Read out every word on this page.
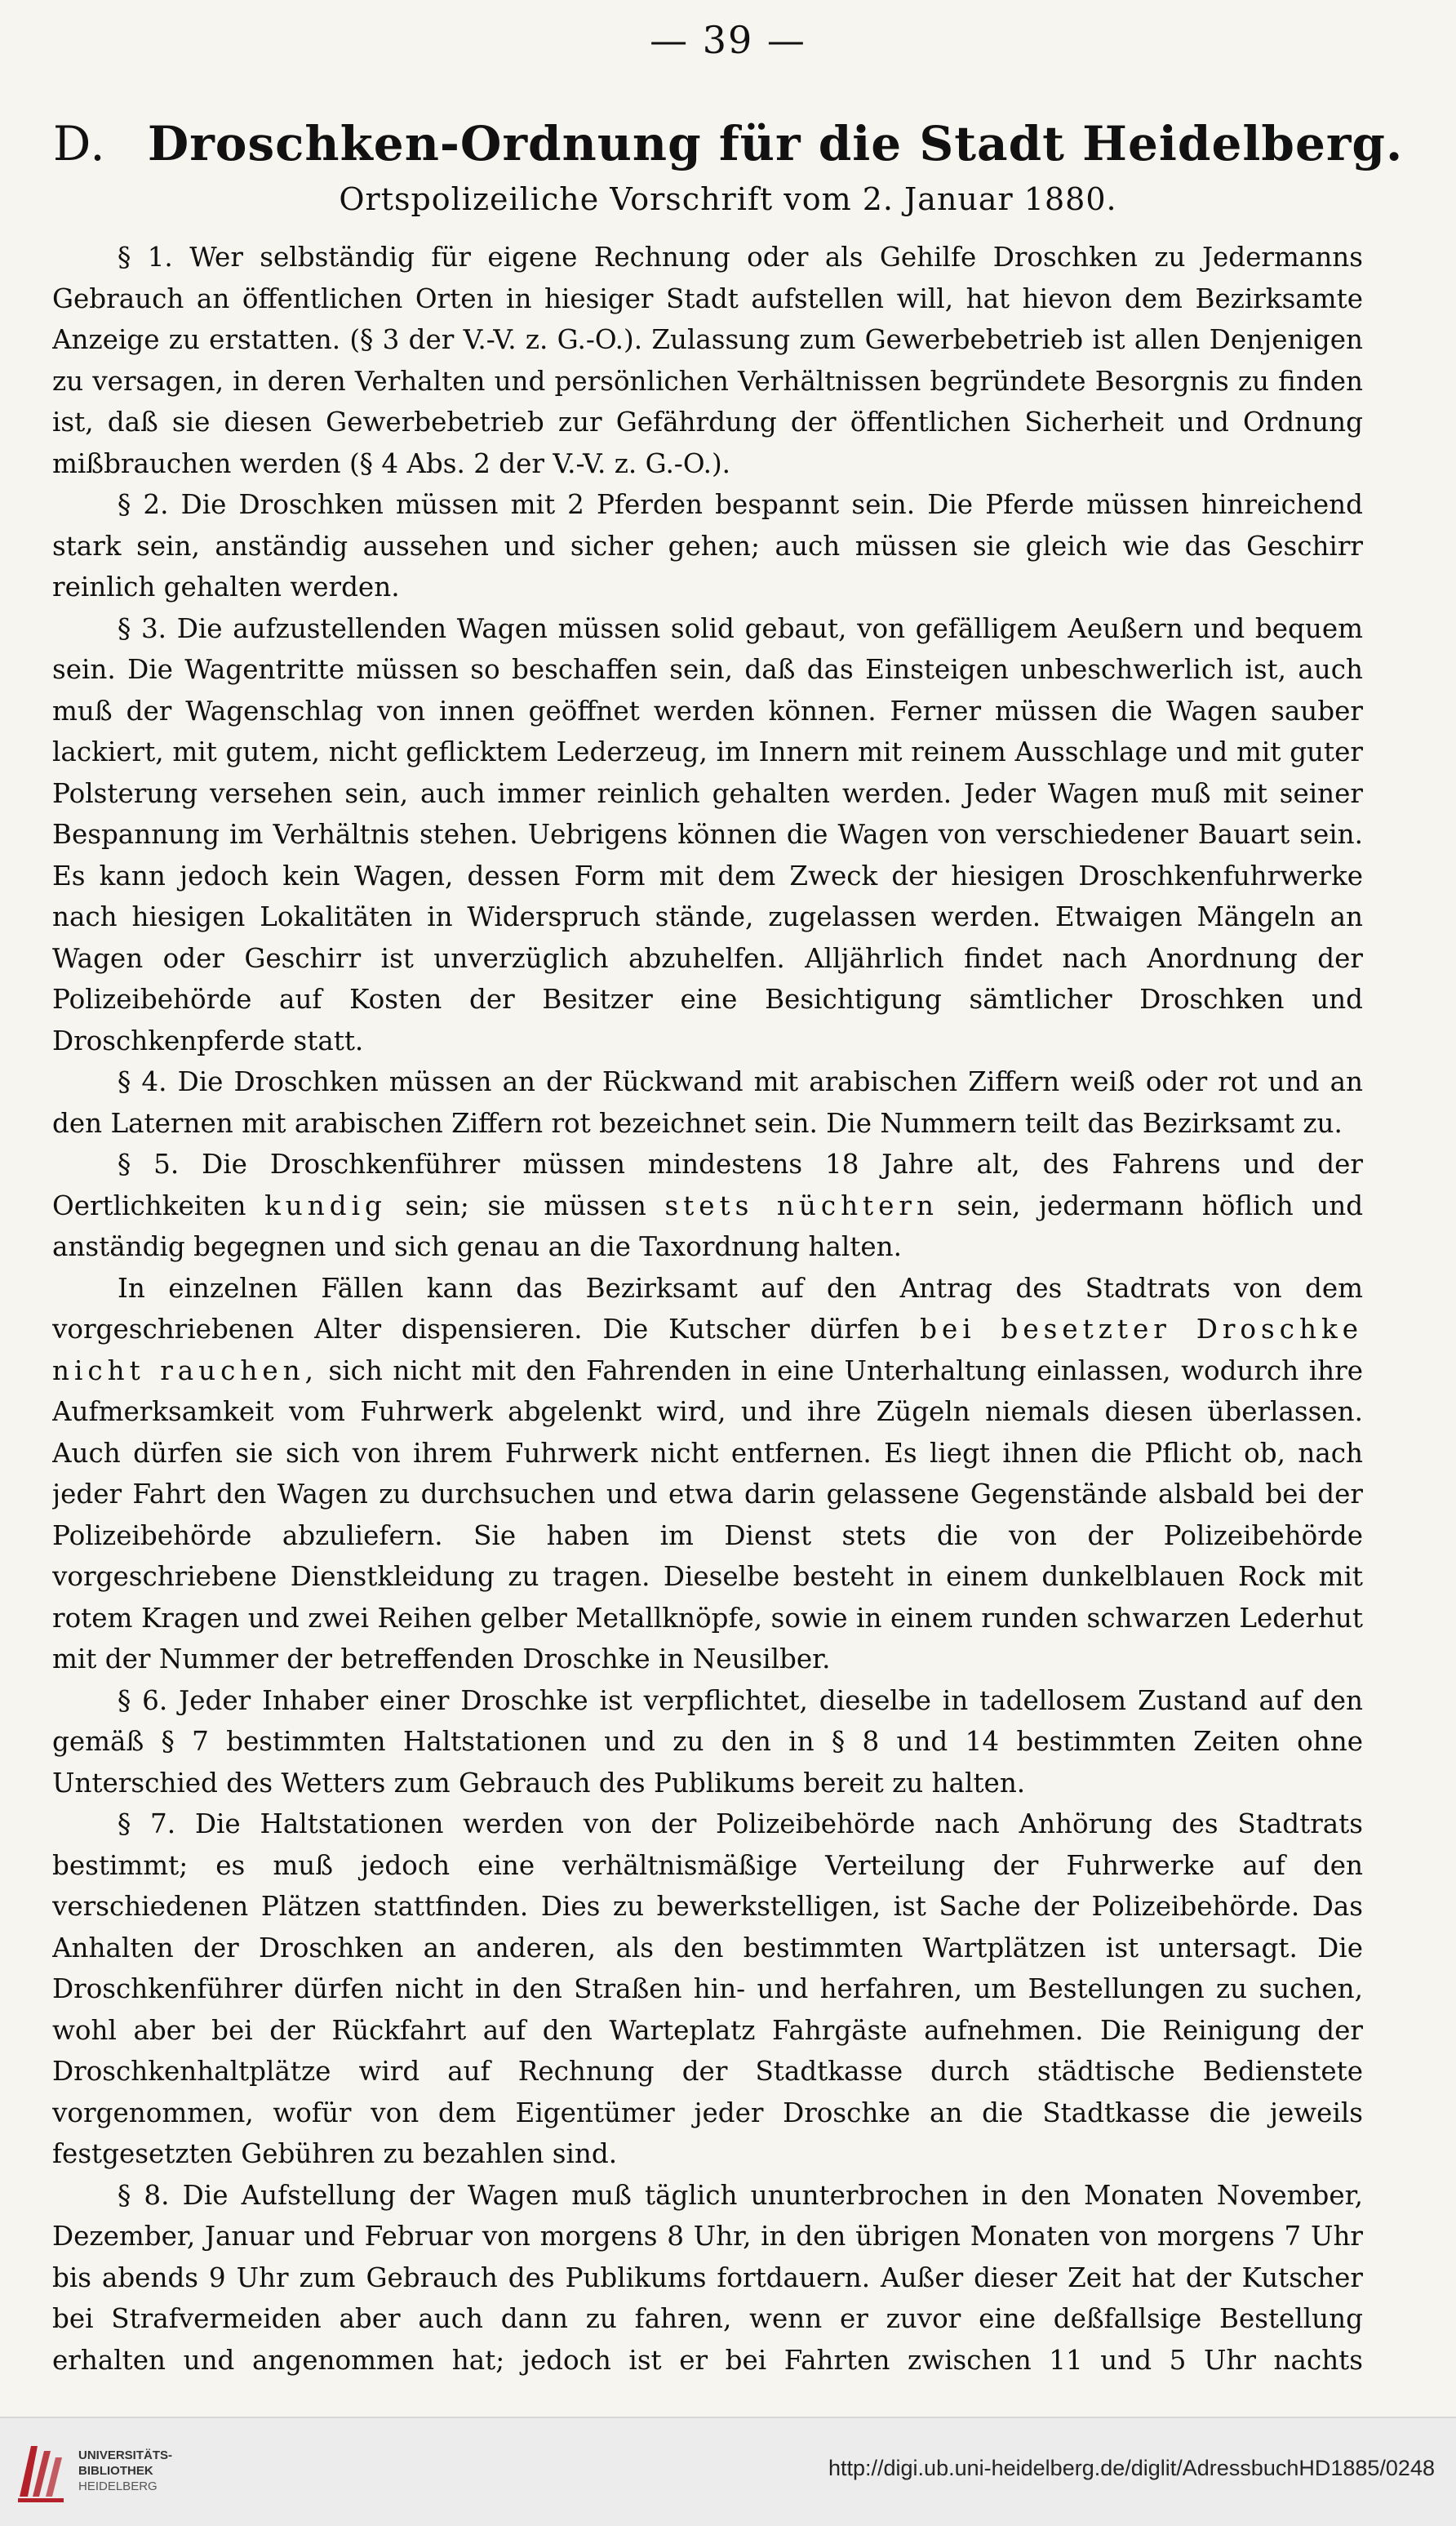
— 39 —
D. Droschken-Ordnung für die Stadt Heidelberg.
Ortspolizeiliche Vorschrift vom 2. Januar 1880.

§ 1. Wer selbständig für eigene Rechnung oder als Gehilfe Droschken zu Jedermanns Gebrauch an öffentlichen Orten in hiesiger Stadt aufstellen will, hat hievon dem Bezirksamte Anzeige zu erstatten. (§ 3 der V.-V. z. G.-O.). Zulassung zum Gewerbebetrieb ist allen Denjenigen zu versagen, in deren Verhalten und persönlichen Verhältnissen begründete Besorgnis zu finden ist, daß sie diesen Gewerbebetrieb zur Gefährdung der öffentlichen Sicherheit und Ordnung mißbrauchen werden (§ 4 Abs. 2 der V.-V. z. G.-O.).

§ 2. Die Droschken müssen mit 2 Pferden bespannt sein. Die Pferde müssen hinreichend stark sein, anständig aussehen und sicher gehen; auch müssen sie gleich wie das Geschirr reinlich gehalten werden.

§ 3. Die aufzustellenden Wagen müssen solid gebaut, von gefälligem Aeußern und bequem sein. Die Wagentritte müssen so beschaffen sein, daß das Einsteigen unbeschwerlich ist, auch muß der Wagenschlag von innen geöffnet werden können. Ferner müssen die Wagen sauber lackiert, mit gutem, nicht geflicktem Lederzeug, im Innern mit reinem Ausschlage und mit guter Polsterung versehen sein, auch immer reinlich gehalten werden. Jeder Wagen muß mit seiner Bespannung im Verhältnis stehen. Uebrigens können die Wagen von verschiedener Bauart sein. Es kann jedoch kein Wagen, dessen Form mit dem Zweck der hiesigen Droschkenfuhrwerke nach hiesigen Lokalitäten in Widerspruch stände, zugelassen werden. Etwaigen Mängeln an Wagen oder Geschirr ist unverzüglich abzuhelfen. Alljährlich findet nach Anordnung der Polizeibehörde auf Kosten der Besitzer eine Besichtigung sämtlicher Droschken und Droschkenpferde statt.

§ 4. Die Droschken müssen an der Rückwand mit arabischen Ziffern weiß oder rot und an den Laternen mit arabischen Ziffern rot bezeichnet sein. Die Nummern teilt das Bezirksamt zu.

§ 5. Die Droschkenführer müssen mindestens 18 Jahre alt, des Fahrens und der Oertlichkeiten kundig sein; sie müssen stets nüchtern sein, jedermann höflich und anständig begegnen und sich genau an die Taxordnung halten.

In einzelnen Fällen kann das Bezirksamt auf den Antrag des Stadtrats von dem vorgeschriebenen Alter dispensieren. Die Kutscher dürfen bei besetzter Droschke nicht rauchen, sich nicht mit den Fahrenden in eine Unterhaltung einlassen, wodurch ihre Aufmerksamkeit vom Fuhrwerk abgelenkt wird, und ihre Zügeln niemals diesen überlassen. Auch dürfen sie sich von ihrem Fuhrwerk nicht entfernen. Es liegt ihnen die Pflicht ob, nach jeder Fahrt den Wagen zu durchsuchen und etwa darin gelassene Gegenstände alsbald bei der Polizeibehörde abzuliefern. Sie haben im Dienst stets die von der Polizeibehörde vorgeschriebene Dienstkleidung zu tragen. Dieselbe besteht in einem dunkelblauen Rock mit rotem Kragen und zwei Reihen gelber Metallknöpfe, sowie in einem runden schwarzen Lederhut mit der Nummer der betreffenden Droschke in Neusilber.

§ 6. Jeder Inhaber einer Droschke ist verpflichtet, dieselbe in tadellosem Zustand auf den gemäß § 7 bestimmten Haltstationen und zu den in § 8 und 14 bestimmten Zeiten ohne Unterschied des Wetters zum Gebrauch des Publikums bereit zu halten.

§ 7. Die Haltstationen werden von der Polizeibehörde nach Anhörung des Stadtrats bestimmt; es muß jedoch eine verhältnismäßige Verteilung der Fuhrwerke auf den verschiedenen Plätzen stattfinden. Dies zu bewerkstelligen, ist Sache der Polizeibehörde. Das Anhalten der Droschken an anderen, als den bestimmten Wartplätzen ist untersagt. Die Droschkenführer dürfen nicht in den Straßen hin- und herfahren, um Bestellungen zu suchen, wohl aber bei der Rückfahrt auf den Warteplatz Fahrgäste aufnehmen. Die Reinigung der Droschkenhaltplätze wird auf Rechnung der Stadtkasse durch städtische Bedienstete vorgenommen, wofür von dem Eigentümer jeder Droschke an die Stadtkasse die jeweils festgesetzten Gebühren zu bezahlen sind.

§ 8. Die Aufstellung der Wagen muß täglich ununterbrochen in den Monaten November, Dezember, Januar und Februar von morgens 8 Uhr, in den übrigen Monaten von morgens 7 Uhr bis abends 9 Uhr zum Gebrauch des Publikums fortdauern. Außer dieser Zeit hat der Kutscher bei Strafvermeiden aber auch dann zu fahren, wenn er zuvor eine deßfallsige Bestellung erhalten und angenommen hat; jedoch ist er bei Fahrten zwischen 11 und 5 Uhr nachts

UNIVERSITÄTS-
BIBLIOTHEK
HEIDELBERG
http://digi.ub.uni-heidelberg.de/diglit/AdressbuchHD1885/0248
